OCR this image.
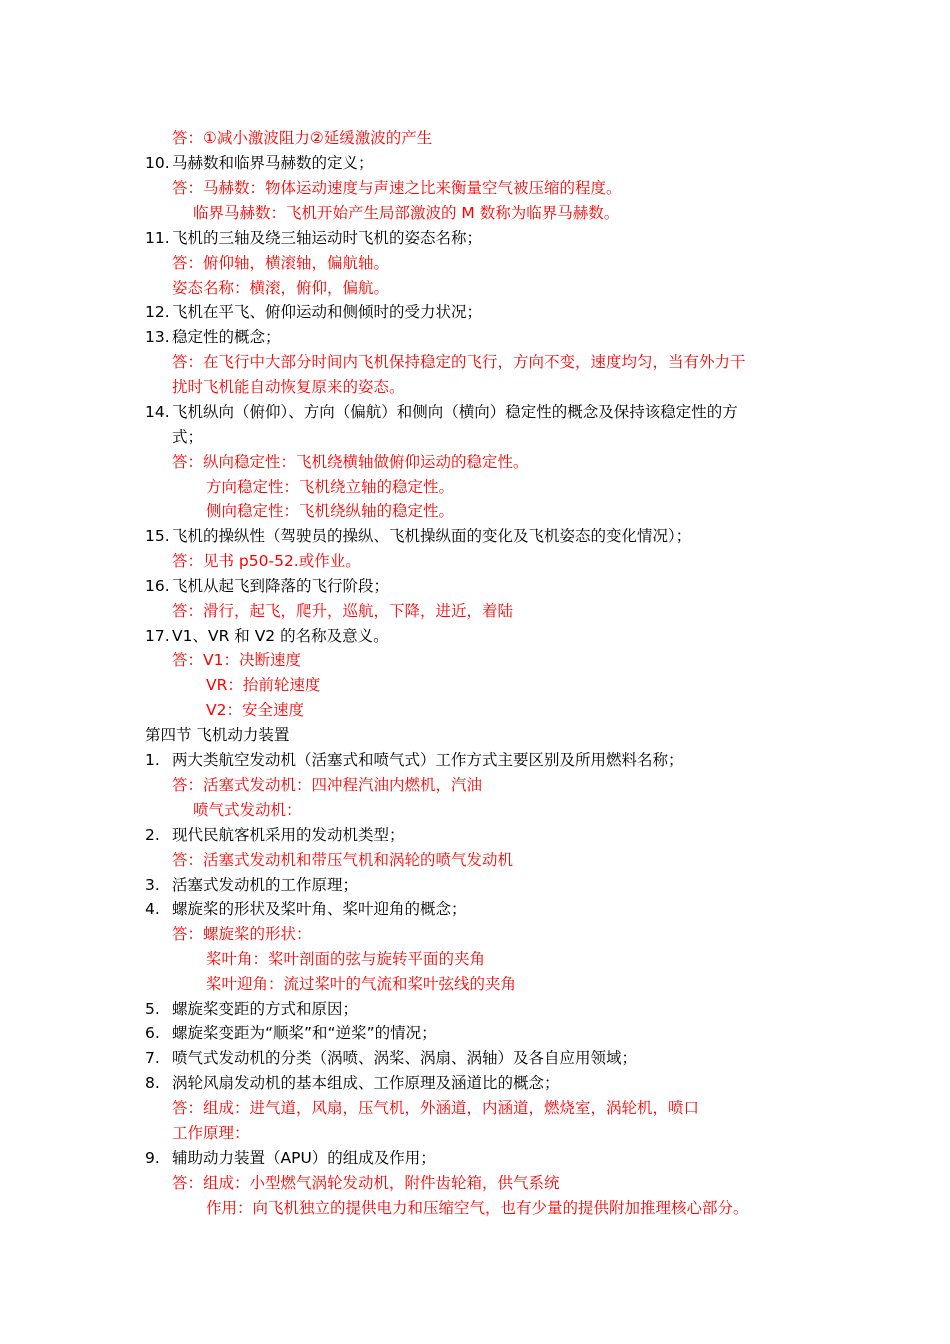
答：①减小激波阻力②延缓激波的产生
10. 马赫数和临界马赫数的定义；
答：马赫数：物体运动速度与声速之比来衡量空气被压缩的程度。
临界马赫数：飞机开始产生局部激波的 M 数称为临界马赫数。
11. 飞机的三轴及绕三轴运动时飞机的姿态名称；
答：俯仰轴，横滚轴，偏航轴。
姿态名称：横滚，俯仰，偏航。
12. 飞机在平飞、俯仰运动和侧倾时的受力状况；
13. 稳定性的概念；
答：在飞行中大部分时间内飞机保持稳定的飞行，方向不变，速度均匀，当有外力干
扰时飞机能自动恢复原来的姿态。
14. 飞机纵向（俯仰）、方向（偏航）和侧向（横向）稳定性的概念及保持该稳定性的方
式；
答：纵向稳定性：飞机绕横轴做俯仰运动的稳定性。
方向稳定性：飞机绕立轴的稳定性。
侧向稳定性：飞机绕纵轴的稳定性。
15. 飞机的操纵性（驾驶员的操纵、飞机操纵面的变化及飞机姿态的变化情况）；
答：见书 p50-52.或作业。
16. 飞机从起飞到降落的飞行阶段；
答：滑行，起飞，爬升，巡航，下降，进近，着陆
17. V1、VR 和 V2 的名称及意义。
答：V1：决断速度
VR：抬前轮速度
V2：安全速度
第四节 飞机动力装置
1. 两大类航空发动机（活塞式和喷气式）工作方式主要区别及所用燃料名称；
答：活塞式发动机：四冲程汽油内燃机，汽油
喷气式发动机：
2. 现代民航客机采用的发动机类型；
答：活塞式发动机和带压气机和涡轮的喷气发动机
3. 活塞式发动机的工作原理；
4. 螺旋桨的形状及桨叶角、桨叶迎角的概念；
答：螺旋桨的形状：
桨叶角：桨叶剖面的弦与旋转平面的夹角
桨叶迎角：流过桨叶的气流和桨叶弦线的夹角
5. 螺旋桨变距的方式和原因；
6. 螺旋桨变距为“顺桨”和“逆桨”的情况；
7. 喷气式发动机的分类（涡喷、涡桨、涡扇、涡轴）及各自应用领域；
8. 涡轮风扇发动机的基本组成、工作原理及涵道比的概念；
答：组成：进气道，风扇，压气机，外涵道，内涵道，燃烧室，涡轮机，喷口
工作原理：
9. 辅助动力装置（APU）的组成及作用；
答：组成：小型燃气涡轮发动机，附件齿轮箱，供气系统
作用：向飞机独立的提供电力和压缩空气，也有少量的提供附加推理核心部分。
